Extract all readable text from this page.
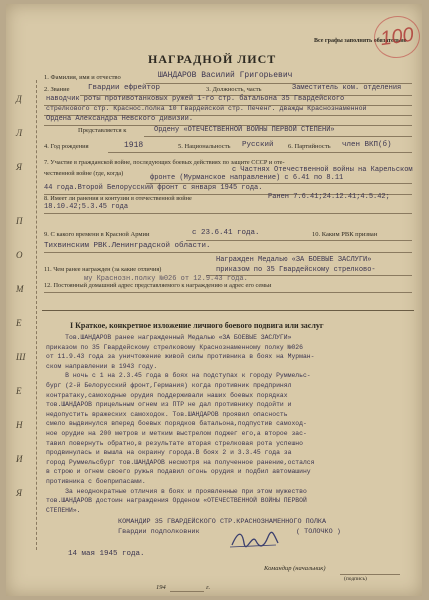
Все графы заполнять обязательно
100
НАГРАДНОЙ ЛИСТ
Д
Л
Я
П
О
М
Е
Ш
Е
Н
И
Я
1. Фамилия, имя и отчество	ШАНДАРОВ Василий Григорьевич
2. Звание Гвардии ефрейтор	3. Должность, часть	Заместитель ком. отделения
наводчик роты противотанковых ружей 1-го стр. батальона 35 Гвардейского
стрелкового стр. Краснос.полка 10 Гвардейской стр. Печенг. дважды Краснознаменной
Ордена Александра Невского дивизии.
Представляется к	Ордену «ОТЕЧЕСТВЕННОЙ ВОЙНЫ ПЕРВОЙ СТЕПЕНИ»
4. Год рождения	1918	5. Национальность Русский 6. Партийность член ВКП(б)
7. Участие в гражданской войне, последующих боевых действиях по защите СССР и оте-
чественной войне (где, когда)	с Частнях Отечественной войны на Карельском
фронте (Мурманское направление) с 6.41 по 8.11
44 года.Второй Белорусский фронт с января 1945 года.
8. Имеет ли ранения и контузии в отечественной войне	Ранен 7.6.41;24.12.41;4.5.42;
18.10.42;5.3.45 года
9. С какого времени в Красной Армии	с 23.6.41 года.	10. Каким РВК призван
Тихвинским РВК.Ленинградской области.
Награжден Медалью «ЗА БОЕВЫЕ ЗАСЛУГИ»
11. Чем ранее награжден (за какие отличия)	приказом по 35 Гвардейскому стрелково-
му Краснозн.полку №026 от 12.9.43 года.
12. Постоянный домашний адрес представляемого к награждению и адрес его семьи
I Краткое, конкретное изложение личного боевого подвига или заслуг
Тов.ШАНДАРОВ ранее награжденный Медалью «ЗА БОЕВЫЕ ЗАСЛУГИ»
приказом по 35 Гвардейскому стрелковому Краснознаменному полку №026
от 11.9.43 года за уничтожение живой силы противника в боях на Мурман-
ском направлении в 1943 году.
В ночь с 1 на 2.3.45 года в боях на подступах к городу Руммельс-
бург (2-й Белорусский фронт,Германия) когда противник предпринял
контратаку,самоходные орудия поддерживали наших боевых порядках
тов.ШАНДАРОВ прицельным огнем из ПТР не дал противнику подойти и
недопустить вражеских самоходок. Тов.ШАНДАРОВ проявил опасность
смело выдвинулся вперед боевых порядков батальона,подпустив самоход-
ное орудие на 200 метров и метким выстрелом поджег его,а второе зас-
тавил повернуть обратно,в результате вторая стрелковая рота успешно
продвинулась и вышла на окраину города.В боях 2 и 3.3.45 года за
город Руммельсбург тов.ШАНДАРОВ несмотря на полученное ранение,остался
в строю и огнем своего ружья подавил огонь орудия и подбил автомашину
противника с боеприпасами.
За неоднократные отличия в боях и проявленные при этом мужество
тов.ШАНДАРОВ достоин награждения Орденом «ОТЕЧЕСТВЕННОЙ ВОЙНЫ ПЕРВОЙ
СТЕПЕНИ».
КОМАНДИР 35 ГВАРДЕЙСКОГО СТР.КРАСНОЗНАМЕННОГО ПОЛКА
Гвардии подполковник	( ТОЛОЧКО )
14 мая 1945 года.
Командир (начальник)
(подпись)
194	г.
